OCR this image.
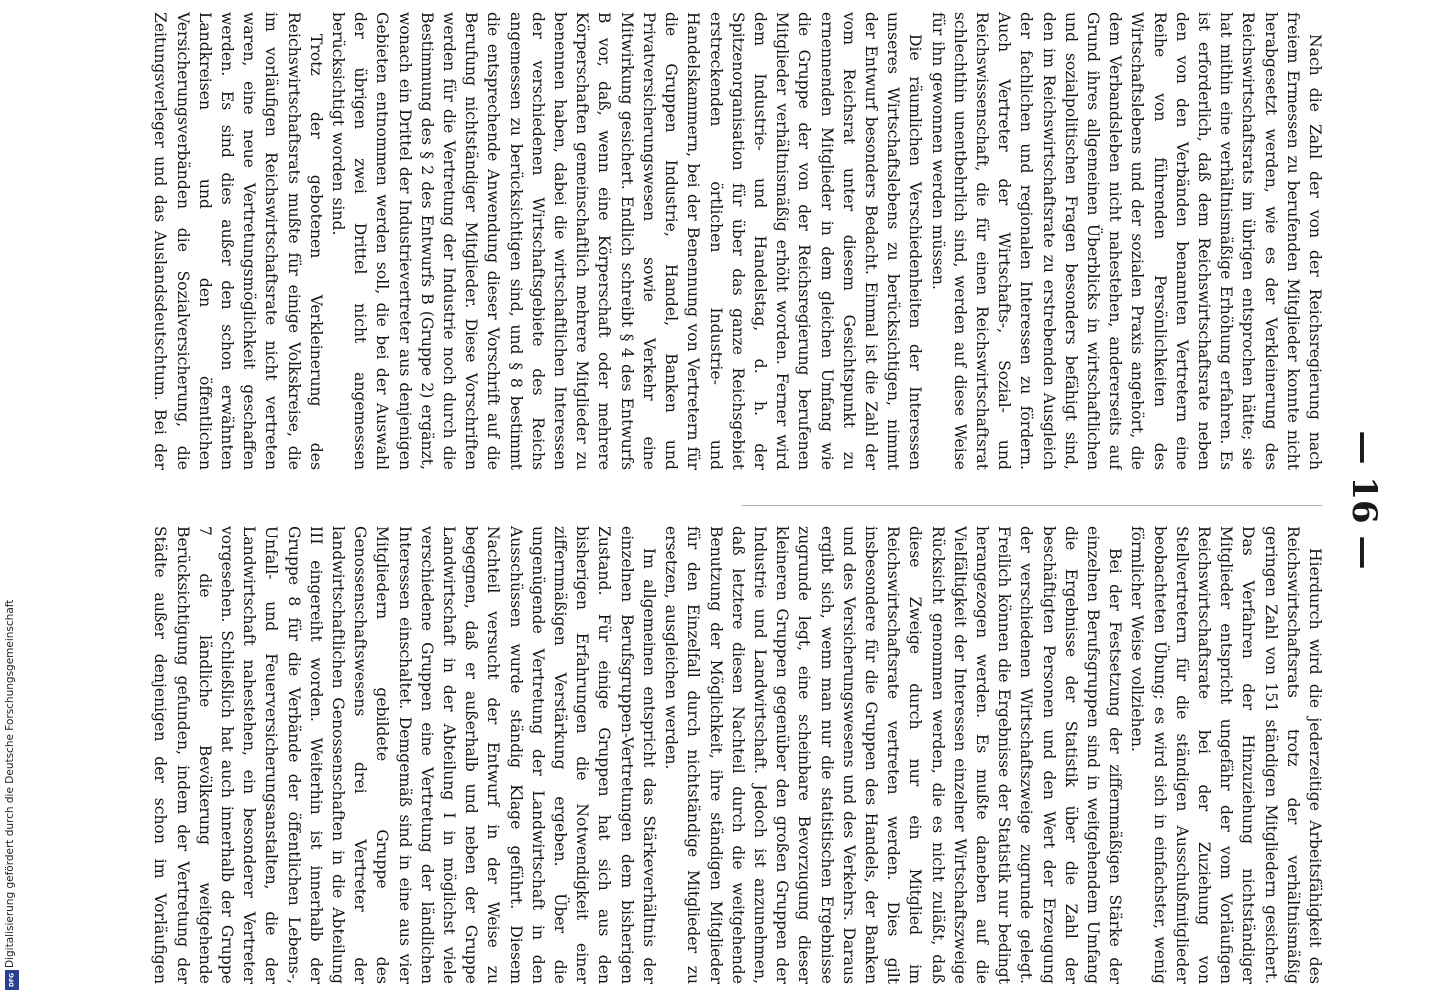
— 16 —

Nach die Zahl der von der Reichsregierung nach freiem Ermessen zu berufenden Mitglieder konnte nicht herabgesetzt werden, wie es der Verkleinerung des Reichswirtschaftsrats im übrigen entsprochen hätte; sie hat mithin eine verhältnismäßige Erhöhung erfahren. Es ist erforderlich, daß dem Reichswirtschaftsrate neben den von den Verbänden benannten Vertretern eine Reihe von führenden Persönlichkeiten des Wirtschaftslebens und der sozialen Praxis angehört, die dem Verbandsleben nicht nahestehen, andererseits auf Grund ihres allgemeinen Überblicks in wirtschaftlichen und sozialpolitischen Fragen besonders befähigt sind, den im Reichswirtschaftsrate zu erstrebenden Ausgleich der fachlichen und regionalen Interessen zu fördern. Auch Vertreter der Wirtschafts-, Sozial- und Reichswissenschaft, die für einen Reichswirtschaftsrat schlechthin unentbehrlich sind, werden auf diese Weise für ihn gewonnen werden müssen.

Die räumlichen Verschiedenheiten der Interessen unseres Wirtschaftslebens zu berücksichtigen, nimmt der Entwurf besonders Bedacht. Einmal ist die Zahl der vom Reichsrat unter diesem Gesichtspunkt zu ernennenden Mitglieder in dem gleichen Umfang wie die Gruppe der von der Reichsregierung berufenen Mitglieder verhältnismäßig erhöht worden. Ferner wird dem Industrie- und Handelstag, d. h. der Spitzenorganisation für über das ganze Reichsgebiet erstreckenden örtlichen Industrie- und Handelskammern, bei der Benennung von Vertretern für die Gruppen Industrie, Handel, Banken und Privatversicherungswesen sowie Verkehr eine Mitwirkung gesichert. Endlich schreibt § 4 des Entwurfs B vor, daß, wenn eine Körperschaft oder mehrere Körperschaften gemeinschaftlich mehrere Mitglieder zu benennen haben, dabei die wirtschaftlichen Interessen der verschiedenen Wirtschaftsgebiete des Reichs angemessen zu berücksichtigen sind, und § 8 bestimmt die entsprechende Anwendung dieser Vorschrift auf die Berufung nichtständiger Mitglieder. Diese Vorschriften werden für die Vertretung der Industrie noch durch die Bestimmung des § 2 des Entwurfs B (Gruppe 2) ergänzt, wonach ein Drittel der Industrievertreter aus denjenigen Gebieten entnommen werden soll, die bei der Auswahl der übrigen zwei Drittel nicht angemessen berücksichtigt worden sind.

Trotz der gebotenen Verkleinerung des Reichswirtschaftsrats mußte für einige Volkskreise, die im vorläufigen Reichswirtschaftsrate nicht vertreten waren, eine neue Vertretungsmöglichkeit geschaffen werden. Es sind dies außer den schon erwähnten Landkreisen und den öffentlichen Versicherungsverbänden die Sozialversicherung, die Zeitungsverleger und das Auslandsdeutschtum. Bei der

Hierdurch wird die jederzeitige Arbeitsfähigkeit des Reichswirtschaftsrats trotz der verhältnismäßig geringen Zahl von 151 ständigen Mitgliedern gesichert. Das Verfahren der Hinzuziehung nichtständiger Mitglieder entspricht ungefähr der vom Vorläufigen Reichswirtschaftsrate bei der Zuziehung von Stellvertretern für die ständigen Ausschußmitglieder beobachteten Übung; es wird sich in einfachster, wenig förmlicher Weise vollziehen.

Bei der Festsetzung der ziffernmäßigen Stärke der einzelnen Berufsgruppen sind in weitgehendem Umfang die Ergebnisse der Statistik über die Zahl der beschäftigten Personen und den Wert der Erzeugung der verschiedenen Wirtschaftszweige zugrunde gelegt. Freilich können die Ergebnisse der Statistik nur bedingt herangezogen werden. Es mußte daneben auf die Vielfältigkeit der Interessen einzelner Wirtschaftszweige Rücksicht genommen werden, die es nicht zuläßt, daß diese Zweige durch nur ein Mitglied im Reichswirtschaftsrate vertreten werden. Dies gilt insbesondere für die Gruppen des Handels, der Banken und des Versicherungswesens und des Verkehrs. Daraus ergibt sich, wenn man nur die statistischen Ergebnisse zugrunde legt, eine scheinbare Bevorzugung dieser kleineren Gruppen gegenüber den großen Gruppen der Industrie und Landwirtschaft. Jedoch ist anzunehmen, daß letztere diesen Nachteil durch die weitgehende Benutzung der Möglichkeit, ihre ständigen Mitglieder für den Einzelfall durch nichtständige Mitglieder zu ersetzen, ausgleichen werden.

Im allgemeinen entspricht das Stärkeverhältnis der einzelnen Berufsgruppen-Vertretungen dem bisherigen Zustand. Für einige Gruppen hat sich aus den bisherigen Erfahrungen die Notwendigkeit einer ziffernmäßigen Verstärkung ergeben. Über die ungenügende Vertretung der Landwirtschaft in den Ausschüssen wurde ständig Klage geführt. Diesem Nachteil versucht der Entwurf in der Weise zu begegnen, daß er außerhalb und neben der Gruppe Landwirtschaft in der Abteilung I in möglichst viele verschiedene Gruppen eine Vertretung der ländlichen Interessen einschaltet. Demgemäß sind in eine aus vier Mitgliedern gebildete Gruppe des Genossenschaftswesens drei Vertreter der landwirtschaftlichen Genossenschaften in die Abteilung III eingereiht worden. Weiterhin ist innerhalb der Gruppe 8 für die Verbände der öffentlichen Lebens-, Unfall- und Feuerversicherungsanstalten, die der Landwirtschaft nahestehen, ein besonderer Vertreter vorgesehen. Schließlich hat auch innerhalb der Gruppe 7 die ländliche Bevölkerung weitgehende Berücksichtigung gefunden, indem der Vertretung der Städte außer denjenigen der schon im Vorläufigen

Digitalisierung gefördert durch die Deutsche Forschungsgemeinschaft
DFG
